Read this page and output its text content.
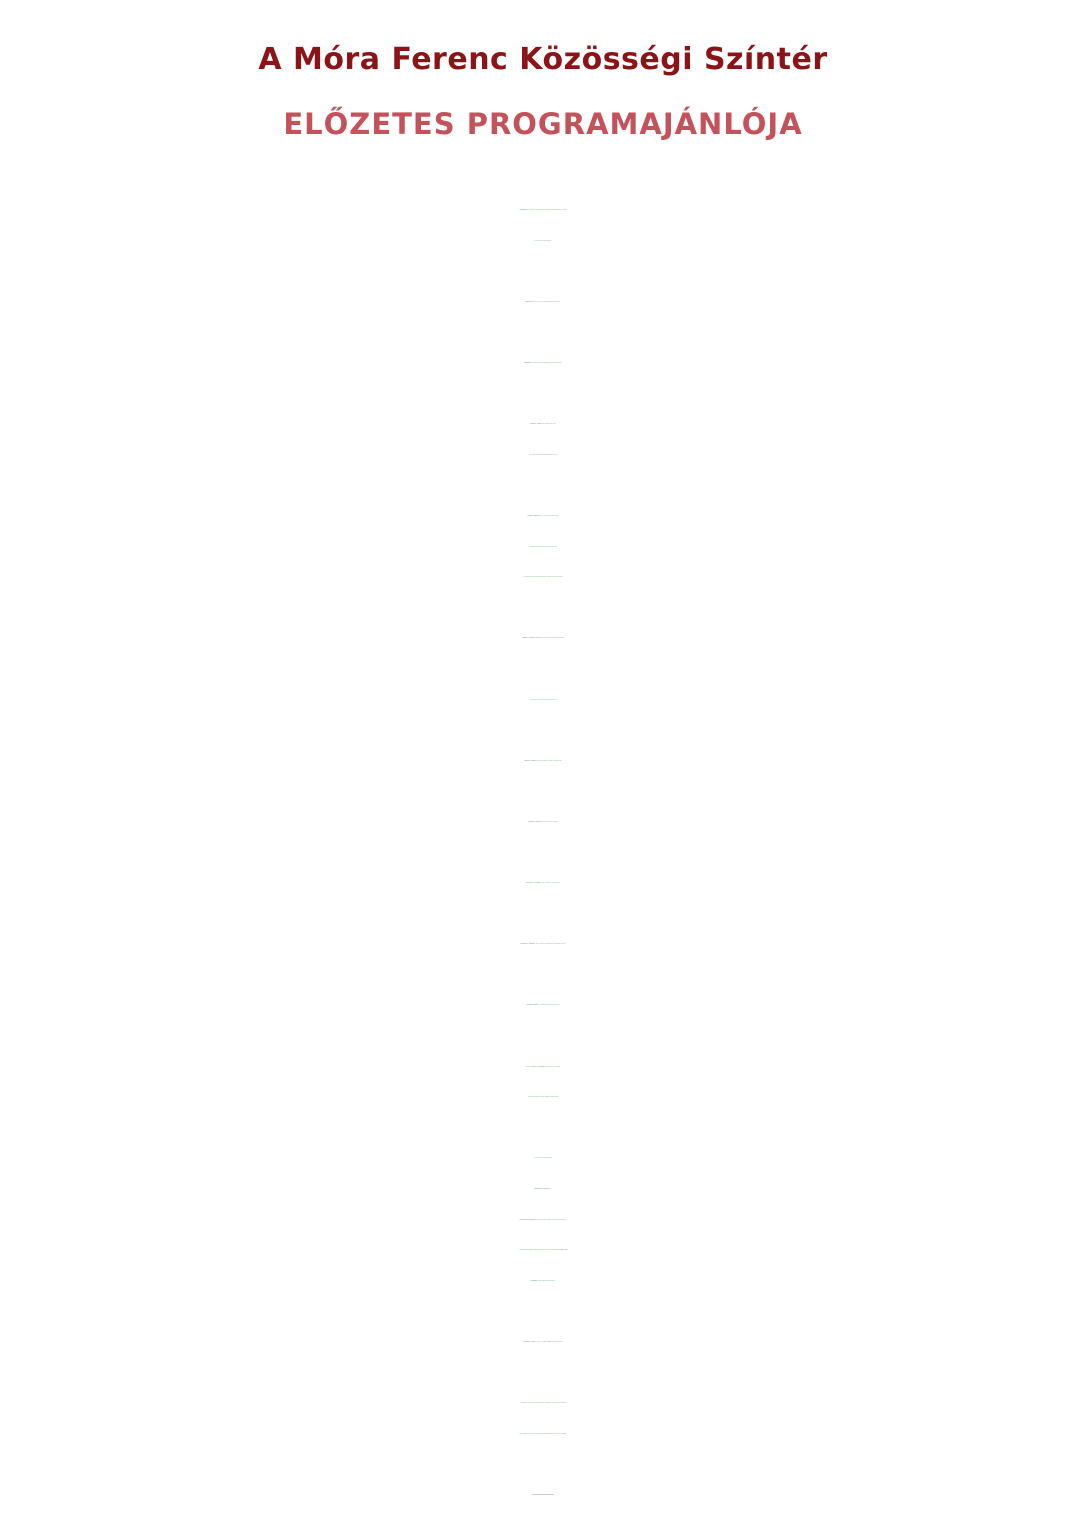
A Móra Ferenc Közösségi Színtér
ELŐZETES PROGRAMAJÁNLÓJA
Szeptember 13. (szombat) 10 óra Nyugdíjas Vers- és Prózaíró Pályázat díjkiosztó ünnepsége
és a Kardoskúti antológia átadása.
Szeptember 20. (szombat) 9-17 óra Pusztaközponton Fehértó napja.
Szeptember 27. (szombat) 8-16 óra Egészségügyi szűrőbusz Kardoskúton
Október 3. (péntek) 10.30 Községi Idősek napja
(62 év feletti lakosainknak regisztrációval 20/291-96-88)
Október 5. (vasárnap) 14 óra Aratási hálaadó istentisztelet,
a templomkertben szeretetvendégség, majd koszorúzás
a pusztán élt egykori földművesek tiszteletére a Petőfi utcán lévő emlékműnél.
Október 22. (szerda) 17 óra Nemzeti ünnep alkalmából községi megemlékezés
Őszi szünetben a művelődési házban Tökfaragó buli
Október 31. (péntek) 14 órakor a temetőben Halottak napi közös áhitat
November 8. (szombat) délután Márton napi ludasságok
November 22. (szombat) 19 óra - Katalin bál a Silver zenekarral
November 29. (szombat) - Járási András napi disznótoros ízek és kolbászgyúró verseny
December 5. (péntek) – Mikulásvárás a kardoskúti gyerekeknek
Várhatóan december 13. (szombat) délben „Egy tányér kedvesség”
hagyományos karácsonyi gulyáslevesfőzés a község lakóinak
Adventi gyertyagyújtások időpontjai:
november 30-a, december 7-e,
december 14-e (vasárnap) 16 órakor a művelődési ház előtt, a községi adventi koszorúnál.
A 4. gyertyagyújtás a Községi karácsonyi ünnepség keretében lesz, tervezetten december 20-án,
szombaton délután. Részleteit később közöljük.
December 31. (kedd) 19 órától - Szilveszteri mulatság a művelődési házban
A továbbiakban kérjük figyeljék a művelődési ház hirdetőjén a plakátokat, a postaládákban a
szóróanyagokat, mert az egyes rendezvények végleges részletei ezeken lesznek olvashatóak!
A programváltoztatás jogát fenntartjuk.
